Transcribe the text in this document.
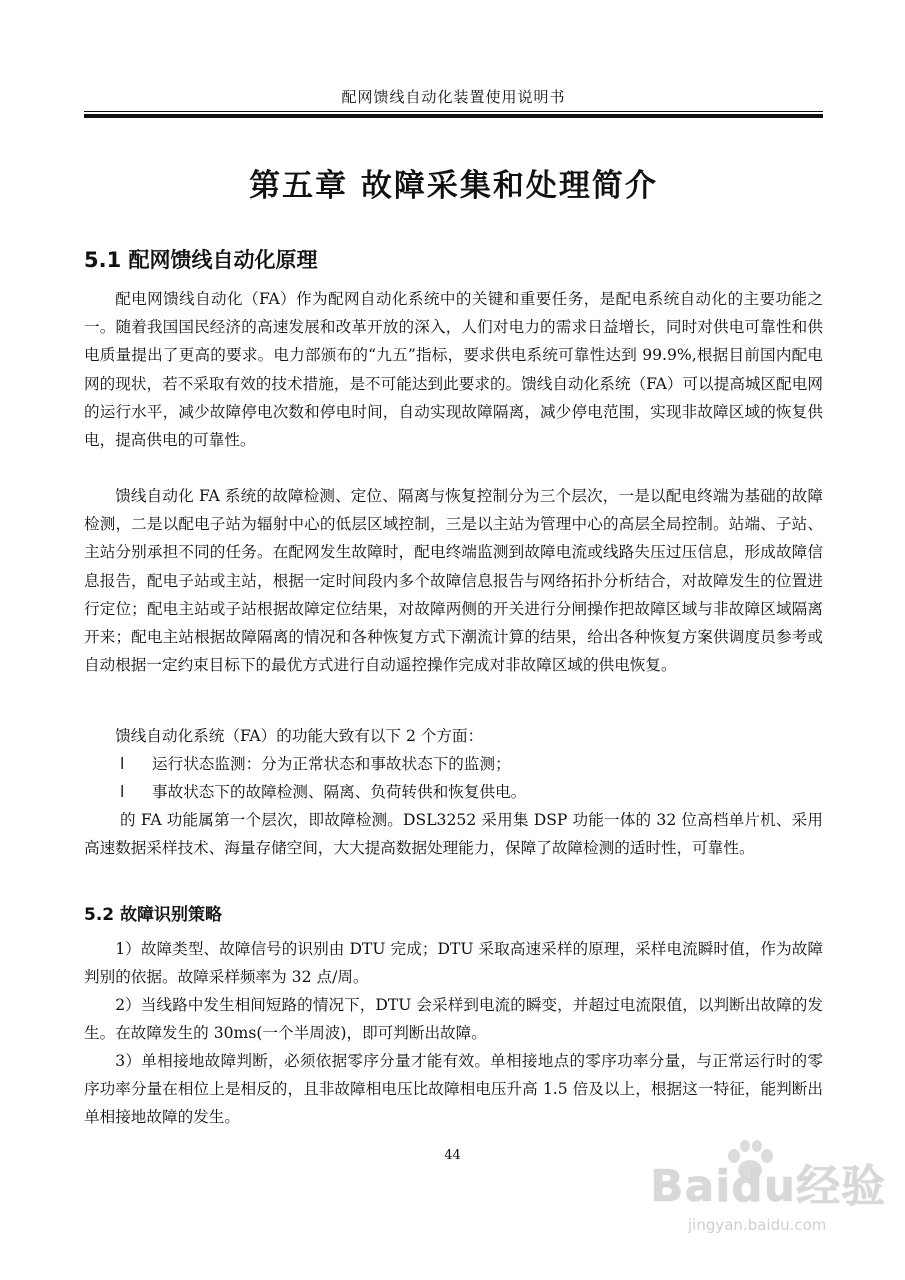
配网馈线自动化装置使用说明书
第五章 故障采集和处理简介
5.1 配网馈线自动化原理

配电网馈线自动化（FA）作为配网自动化系统中的关键和重要任务，是配电系统自动化的主要功能之一。随着我国国民经济的高速发展和改革开放的深入，人们对电力的需求日益增长，同时对供电可靠性和供电质量提出了更高的要求。电力部颁布的“九五”指标，要求供电系统可靠性达到 99.9%,根据目前国内配电网的现状，若不采取有效的技术措施，是不可能达到此要求的。馈线自动化系统（FA）可以提高城区配电网的运行水平，减少故障停电次数和停电时间，自动实现故障隔离，减少停电范围，实现非故障区域的恢复供电，提高供电的可靠性。

馈线自动化 FA 系统的故障检测、定位、隔离与恢复控制分为三个层次，一是以配电终端为基础的故障检测，二是以配电子站为辐射中心的低层区域控制，三是以主站为管理中心的高层全局控制。站端、子站、主站分别承担不同的任务。在配网发生故障时，配电终端监测到故障电流或线路失压过压信息，形成故障信息报告，配电子站或主站，根据一定时间段内多个故障信息报告与网络拓扑分析结合，对故障发生的位置进行定位；配电主站或子站根据故障定位结果，对故障两侧的开关进行分闸操作把故障区域与非故障区域隔离开来；配电主站根据故障隔离的情况和各种恢复方式下潮流计算的结果，给出各种恢复方案供调度员参考或自动根据一定约束目标下的最优方式进行自动遥控操作完成对非故障区域的供电恢复。

馈线自动化系统（FA）的功能大致有以下 2 个方面：

l	运行状态监测：分为正常状态和事故状态下的监测；
l	事故状态下的故障检测、隔离、负荷转供和恢复供电。

的 FA 功能属第一个层次，即故障检测。DSL3252 采用集 DSP 功能一体的 32 位高档单片机、采用高速数据采样技术、海量存储空间，大大提高数据处理能力，保障了故障检测的适时性，可靠性。

5.2 故障识别策略

1）故障类型、故障信号的识别由 DTU 完成；DTU 采取高速采样的原理，采样电流瞬时值，作为故障判别的依据。故障采样频率为 32 点/周。

2）当线路中发生相间短路的情况下，DTU 会采样到电流的瞬变，并超过电流限值，以判断出故障的发生。在故障发生的 30ms(一个半周波)，即可判断出故障。

3）单相接地故障判断，必须依据零序分量才能有效。单相接地点的零序功率分量，与正常运行时的零序功率分量在相位上是相反的，且非故障相电压比故障相电压升高 1.5 倍及以上，根据这一特征，能判断出单相接地故障的发生。

44
Baidu经验
jingyan.baidu.com
